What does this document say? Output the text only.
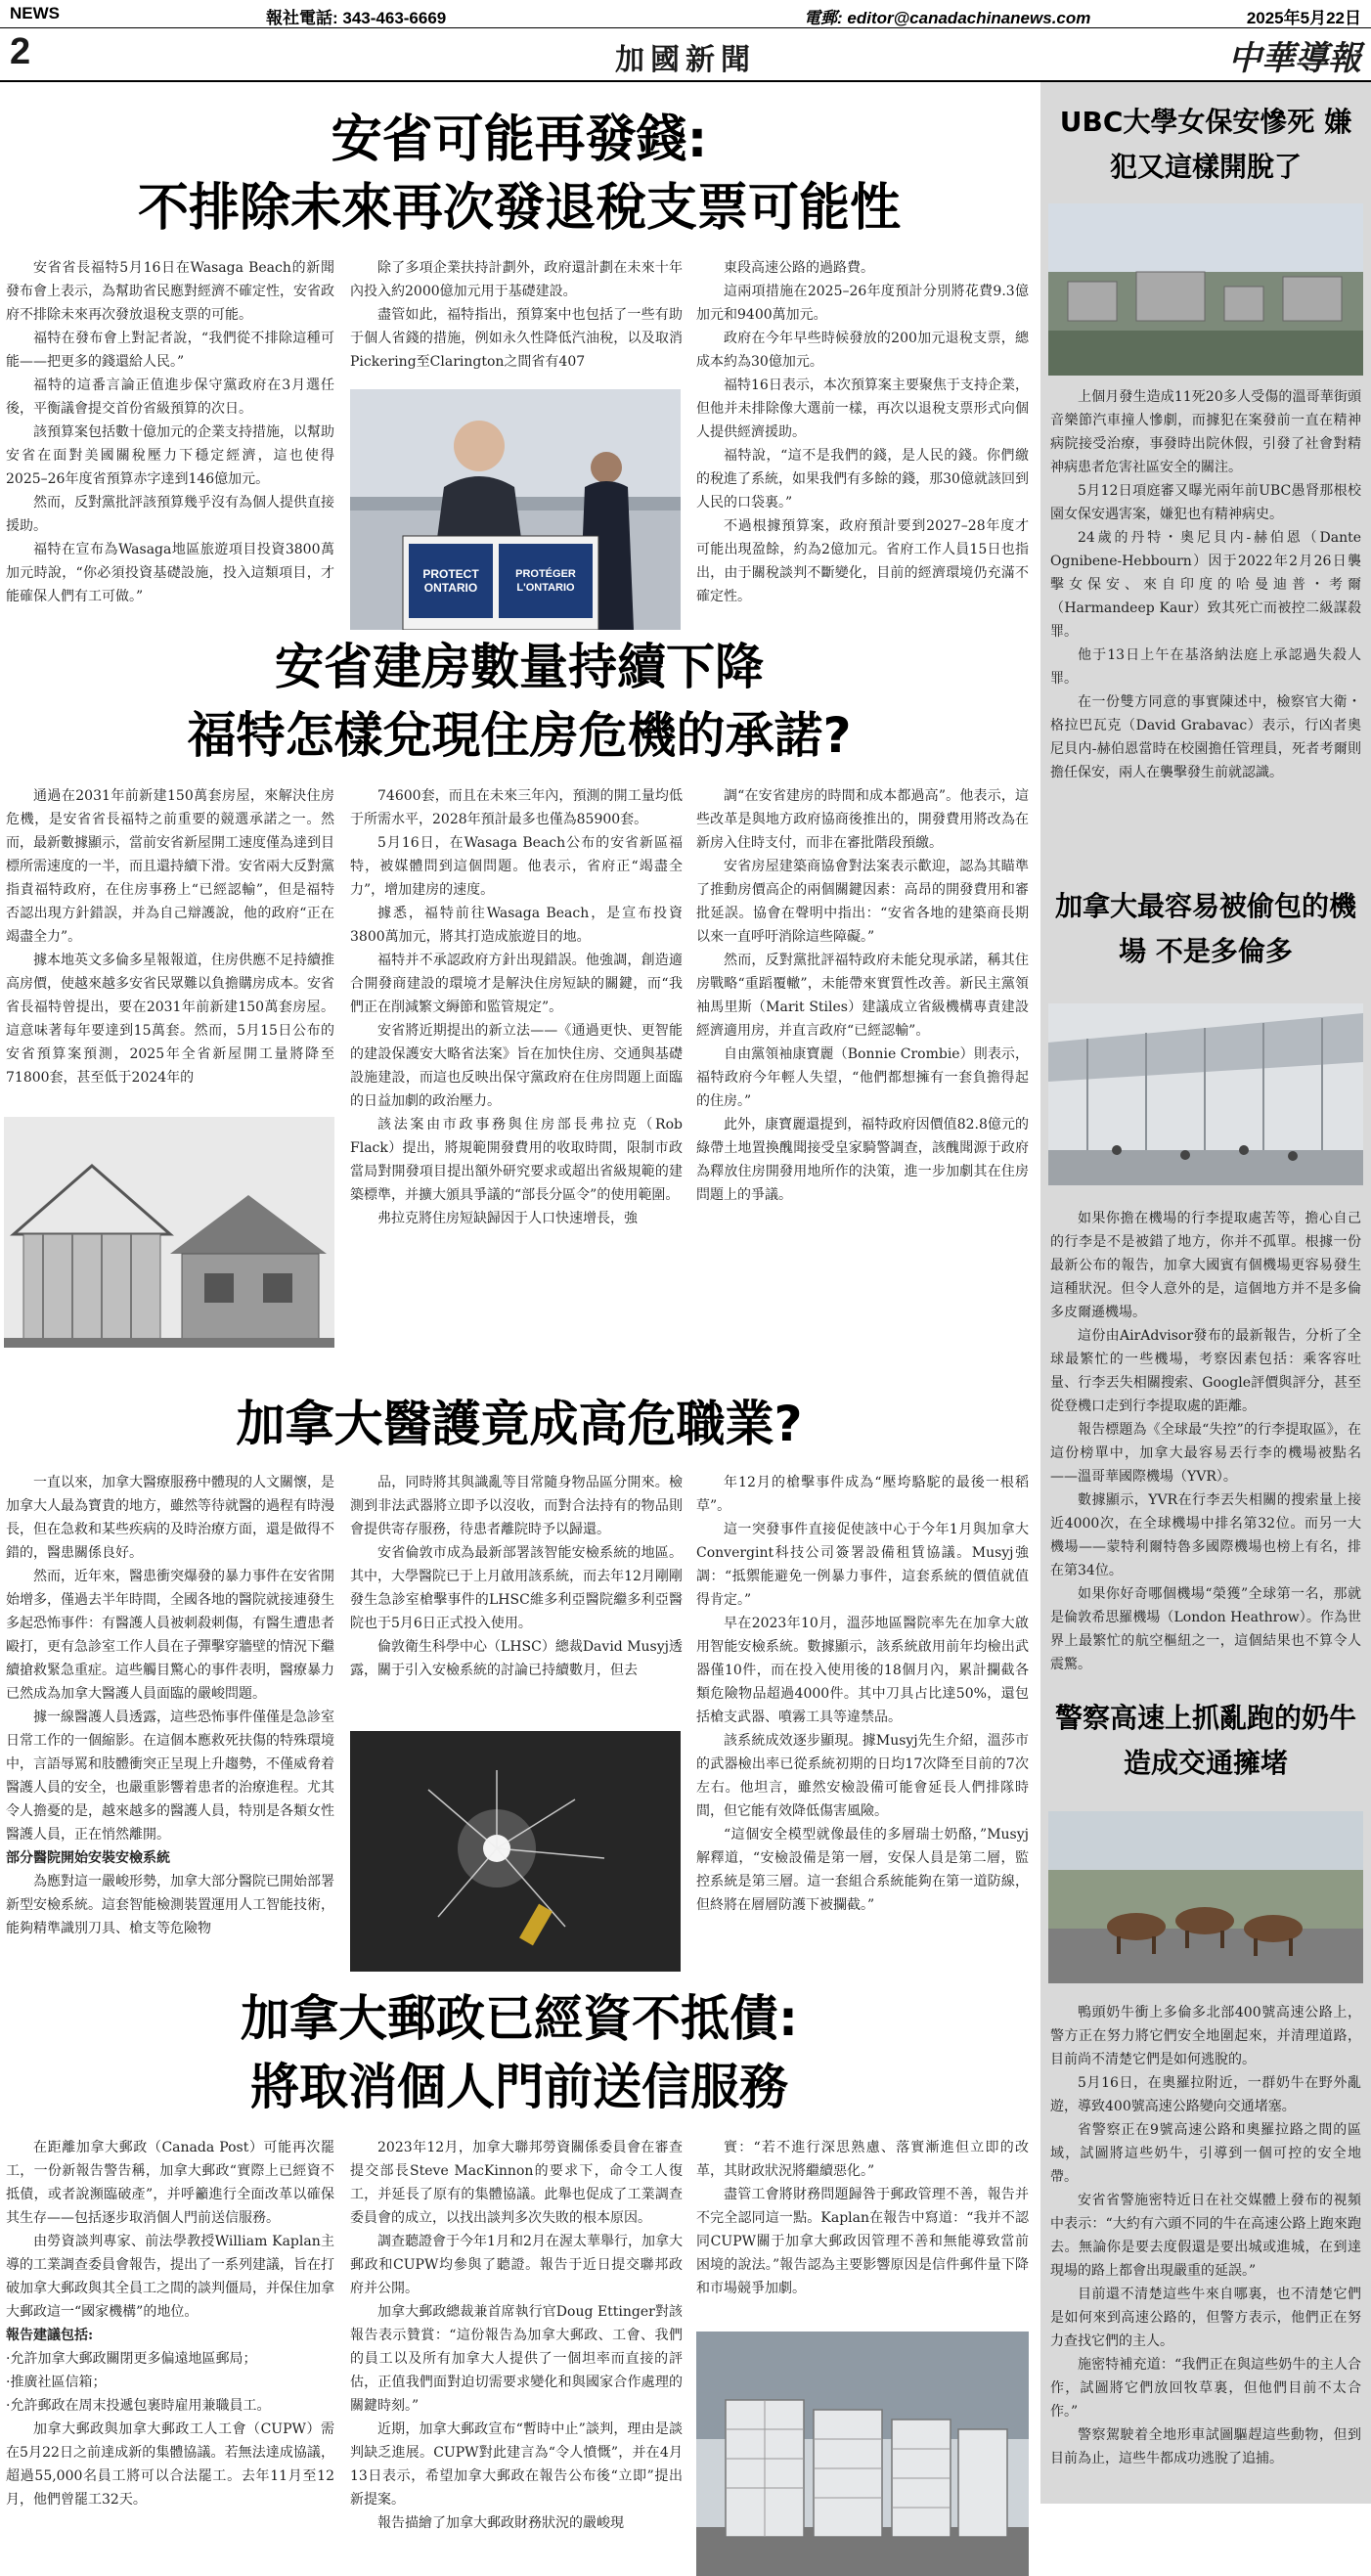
NEWS	報社電話: 343-463-6669	電郵: editor@canadachinanews.com	2025年5月22日
2	加國新聞	中華導報
安省可能再發錢:
不排除未來再次發退稅支票可能性

安省省長福特5月16日在Wasaga Beach的新聞發布會上表示，為幫助省民應對經濟不確定性，安省政府不排除未來再次發放退稅支票的可能。

福特在發布會上對記者說，“我們從不排除這種可能——把更多的錢還給人民。”

福特的這番言論正值進步保守黨政府在3月選任後，平衡議會提交首份省級預算的次日。

該預算案包括數十億加元的企業支持措施，以幫助安省在面對美國關稅壓力下穩定經濟，這也使得2025–26年度省預算赤字達到146億加元。

然而，反對黨批評該預算幾乎沒有為個人提供直接援助。

福特在宣布為Wasaga地區旅遊項目投資3800萬加元時說，“你必須投資基礎設施，投入這類項目，才能確保人們有工可做。”

除了多項企業扶持計劃外，政府還計劃在未來十年內投入約2000億加元用于基礎建設。

盡管如此，福特指出，預算案中也包括了一些有助于個人省錢的措施，例如永久性降低汽油稅，以及取消Pickering至Clarington之間省有407

PROTECT ONTARIO
PROTÉGER L'ONTARIO

東段高速公路的過路費。

這兩項措施在2025–26年度預計分別將花費9.3億加元和9400萬加元。

政府在今年早些時候發放的200加元退稅支票，總成本約為30億加元。

福特16日表示，本次預算案主要聚焦于支持企業，但他并未排除像大選前一樣，再次以退稅支票形式向個人提供經濟援助。

福特說，“這不是我們的錢，是人民的錢。你們繳的稅進了系統，如果我們有多餘的錢，那30億就該回到人民的口袋裏。”

不過根據預算案，政府預計要到2027–28年度才可能出現盈餘，約為2億加元。省府工作人員15日也指出，由于關稅談判不斷變化，目前的經濟環境仍充滿不確定性。

安省建房數量持續下降
福特怎樣兌現住房危機的承諾?

通過在2031年前新建150萬套房屋，來解決住房危機，是安省省長福特之前重要的競選承諾之一。然而，最新數據顯示，當前安省新屋開工速度僅為達到目標所需速度的一半，而且還持續下滑。安省兩大反對黨指責福特政府，在住房事務上“已經認輸”，但是福特否認出現方針錯誤，并為自己辯護說，他的政府“正在竭盡全力”。

據本地英文多倫多星報報道，住房供應不足持續推高房價，使越來越多安省民眾難以負擔購房成本。安省省長福特曾提出，要在2031年前新建150萬套房屋。這意味著每年要達到15萬套。然而，5月15日公布的安省預算案預測，2025年全省新屋開工量將降至71800套，甚至低于2024年的

74600套，而且在未來三年內，預測的開工量均低于所需水平，2028年預計最多也僅為85900套。

5月16日，在Wasaga Beach公布的安省新區福特，被媒體問到這個問題。他表示，省府正“竭盡全力”，增加建房的速度。

據悉，福特前往Wasaga Beach，是宣布投資3800萬加元，將其打造成旅遊目的地。

福特并不承認政府方針出現錯誤。他強調，創造適合開發商建設的環境才是解決住房短缺的關鍵，而“我們正在削減繁文縟節和監管規定”。

安省將近期提出的新立法——《通過更快、更智能的建設保護安大略省法案》旨在加快住房、交通與基礎設施建設，而這也反映出保守黨政府在住房問題上面臨的日益加劇的政治壓力。

該法案由市政事務與住房部長弗拉克（Rob Flack）提出，將規範開發費用的收取時間，限制市政當局對開發項目提出額外研究要求或超出省級規範的建築標準，并擴大頒具爭議的“部長分區令”的使用範圍。

弗拉克將住房短缺歸因于人口快速增長，強

調“在安省建房的時間和成本都過高”。他表示，這些改革是與地方政府協商後推出的，開發費用將改為在新房入住時支付，而非在審批階段預繳。

安省房屋建築商協會對法案表示歡迎，認為其瞄準了推動房價高企的兩個關鍵因素：高昂的開發費用和審批延誤。協會在聲明中指出：“安省各地的建築商長期以來一直呼吁消除這些障礙。”

然而，反對黨批評福特政府未能兌現承諾，稱其住房戰略“重蹈覆轍”，未能帶來實質性改善。新民主黨領袖馬里斯（Marit Stiles）建議成立省級機構專責建設經濟適用房，并直言政府“已經認輸”。

自由黨領袖康寶麗（Bonnie Crombie）則表示，福特政府今年輕人失望，“他們都想擁有一套負擔得起的住房。”

此外，康寶麗還提到，福特政府因價值82.8億元的綠帶土地置換醜聞接受皇家騎警調查，該醜聞源于政府為釋放住房開發用地所作的決策，進一步加劇其在住房問題上的爭議。

加拿大醫護竟成高危職業?

一直以來，加拿大醫療服務中體現的人文關懷，是加拿大人最為寶貴的地方，雖然等待就醫的過程有時漫長，但在急救和某些疾病的及時治療方面，還是做得不錯的，醫患關係良好。

然而，近年來，醫患衝突爆發的暴力事件在安省開始增多，僅過去半年時間，全國各地的醫院就接連發生多起恐怖事件：有醫護人員被刺殺刺傷，有醫生遭患者毆打，更有急診室工作人員在子彈擊穿牆壁的情況下繼續搶救緊急重症。這些觸目驚心的事件表明，醫療暴力已然成為加拿大醫護人員面臨的嚴峻問題。

據一線醫護人員透露，這些恐怖事件僅僅是急診室日常工作的一個縮影。在這個本應救死扶傷的特殊環境中，言語辱罵和肢體衝突正呈現上升趨勢，不僅威脅着醫護人員的安全，也嚴重影響着患者的治療進程。尤其令人擔憂的是，越來越多的醫護人員，特別是各類女性醫護人員，正在悄然離開。

部分醫院開始安裝安檢系統

為應對這一嚴峻形勢，加拿大部分醫院已開始部署新型安檢系統。這套智能檢測裝置運用人工智能技術，能夠精準識別刀具、槍支等危險物

品，同時將其與識亂等目常隨身物品區分開來。檢測到非法武器將立即予以沒收，而對合法持有的物品則會提供寄存服務，待患者離院時予以歸還。

安省倫敦市成為最新部署該智能安檢系統的地區。其中，大學醫院已于上月啟用該系統，而去年12月剛剛發生急診室槍擊事件的LHSC維多利亞醫院繼多利亞醫院也于5月6日正式投入使用。

倫敦衛生科學中心（LHSC）總裁David Musyj透露，關于引入安檢系統的討論已持續數月，但去

年12月的槍擊事件成為“壓垮駱駝的最後一根稻草”。

這一突發事件直接促使該中心于今年1月與加拿大Convergint科技公司簽署設備租賃協議。Musyj強調：“抵禦能避免一例暴力事件，這套系統的價值就值得肯定。”

早在2023年10月，溫莎地區醫院率先在加拿大啟用智能安檢系統。數據顯示，該系統啟用前年均檢出武器僅10件，而在投入使用後的18個月內，累計攔截各類危險物品超過4000件。其中刀具占比達50%，還包括槍支武器、噴霧工具等違禁品。

該系統成效逐步顯現。據Musyj先生介紹，溫莎市的武器檢出率已從系統初期的日均17次降至目前的7次左右。他坦言，雖然安檢設備可能會延長人們排隊時間，但它能有效降低傷害風險。

“這個安全模型就像最佳的多層瑞士奶酪，”Musyj解釋道，“安檢設備是第一層，安保人員是第二層，監控系統是第三層。這一套組合系統能夠在第一道防線，但終將在層層防護下被攔截。”

加拿大郵政已經資不抵債:
將取消個人門前送信服務

在距離加拿大郵政（Canada Post）可能再次罷工，一份新報告警告稱，加拿大郵政“實際上已經資不抵債，或者說瀕臨破產”，并呼籲進行全面改革以確保其生存——包括逐步取消個人門前送信服務。

由勞資談判專家、前法學教授William Kaplan主導的工業調查委員會報告，提出了一系列建議，旨在打破加拿大郵政與其全員工之間的談判僵局，并保住加拿大郵政這一“國家機構”的地位。

報告建議包括:

·允許加拿大郵政關閉更多偏遠地區郵局；

·推廣社區信箱；

·允許郵政在周末投遞包裹時雇用兼職員工。

加拿大郵政與加拿大郵政工人工會（CUPW）需在5月22日之前達成新的集體協議。若無法達成協議，超過55,000名員工將可以合法罷工。去年11月至12月，他們曾罷工32天。

2023年12月，加拿大聯邦勞資關係委員會在審查提交部長Steve MacKinnon的要求下，命令工人復工，并延長了原有的集體協議。此舉也促成了工業調查委員會的成立，以找出談判多次失敗的根本原因。

調查聽證會于今年1月和2月在渥太華舉行，加拿大郵政和CUPW均參與了聽證。報告于近日提交聯邦政府并公開。

加拿大郵政總裁兼首席執行官Doug Ettinger對該報告表示贊賞：“這份報告為加拿大郵政、工會、我們的員工以及所有加拿大人提供了一個坦率而直接的評估，正值我們面對迫切需要求變化和與國家合作處理的關鍵時刻。”

近期，加拿大郵政宣布“暫時中止”談判，理由是談判缺乏進展。CUPW對此建言為“令人憤慨”，并在4月13日表示，希望加拿大郵政在報告公布後“立即”提出新提案。

報告描繪了加拿大郵政財務狀況的嚴峻現

實：“若不進行深思熟慮、落實漸進但立即的改革，其財政狀況將繼續惡化。”

盡管工會將財務問題歸咎于郵政管理不善，報告并不完全認同這一點。Kaplan在報告中寫道：“我并不認同CUPW關于加拿大郵政因管理不善和無能導致當前困境的說法。”報告認為主要影響原因是信件郵件量下降和市場競爭加劇。

UBC大學女保安慘死 嫌犯又這樣開脫了

上個月發生造成11死20多人受傷的溫哥華街頭音樂節汽車撞人慘劇，而據犯在案發前一直在精神病院接受治療，事發時出院休假，引發了社會對精神病患者危害社區安全的關注。

5月12日項庭審又曝光兩年前UBC愚肾那根校園女保安遇害案，嫌犯也有精神病史。

24歲的丹特・奧尼貝内-赫伯恩（Dante Ognibene-Hebbourn）因于2022年2月26日襲擊女保安、來自印度的哈曼迪普・考爾（Harmandeep Kaur）致其死亡而被控二級謀殺罪。

他于13日上午在基洛納法庭上承認過失殺人罪。

在一份雙方同意的事實陳述中，檢察官大衛・格拉巴瓦克（David Grabavac）表示，行凶者奧尼貝内-赫伯恩當時在校園擔任管理員，死者考爾則擔任保安，兩人在襲擊發生前就認識。

加拿大最容易被偷包的機場 不是多倫多

如果你擔在機場的行李提取處苦等，擔心自己的行李是不是被錯了地方，你并不孤單。根據一份最新公布的報告，加拿大國賓有個機場更容易發生這種狀況。但令人意外的是，這個地方并不是多倫多皮爾遜機場。

這份由AirAdvisor發布的最新報告，分析了全球最繁忙的一些機場，考察因素包括：乘客容吐量、行李丟失相關搜索、Google評價與評分，甚至從登機口走到行李提取處的距離。

報告標題為《全球最“失控”的行李提取區》，在這份榜單中，加拿大最容易丟行李的機場被點名——溫哥華國際機場（YVR）。

數據顯示，YVR在行李丟失相關的搜索量上接近4000次，在全球機場中排名第32位。而另一大機場——蒙特利爾特魯多國際機場也榜上有名，排在第34位。

如果你好奇哪個機場“榮獲”全球第一名，那就是倫敦希思羅機場（London Heathrow）。作為世界上最繁忙的航空樞紐之一，這個結果也不算令人震驚。

警察高速上抓亂跑的奶牛 造成交通擁堵

鴨頭奶牛衝上多倫多北部400號高速公路上，警方正在努力將它們安全地圍起來，并清理道路，目前尚不清楚它們是如何逃脫的。

5月16日，在奧羅拉附近，一群奶牛在野外亂遊，導致400號高速公路變向交通堵塞。

省警察正在9號高速公路和奧羅拉路之間的區域，試圖將這些奶牛，引導到一個可控的安全地帶。

安省省警施密特近日在社交媒體上發布的視頻中表示：“大約有六頭不同的牛在高速公路上跑來跑去。無論你是要去度假還是要出城或進城，在到達現場的路上都會出現嚴重的延誤。”

目前還不清楚這些牛來自哪裏，也不清楚它們是如何來到高速公路的，但警方表示，他們正在努力查找它們的主人。

施密特補充道：“我們正在與這些奶牛的主人合作，試圖將它們放回牧草裏，但他們目前不太合作。”

警察駕駛着全地形車試圖驅趕這些動物，但到目前為止，這些牛都成功逃脫了追捕。
